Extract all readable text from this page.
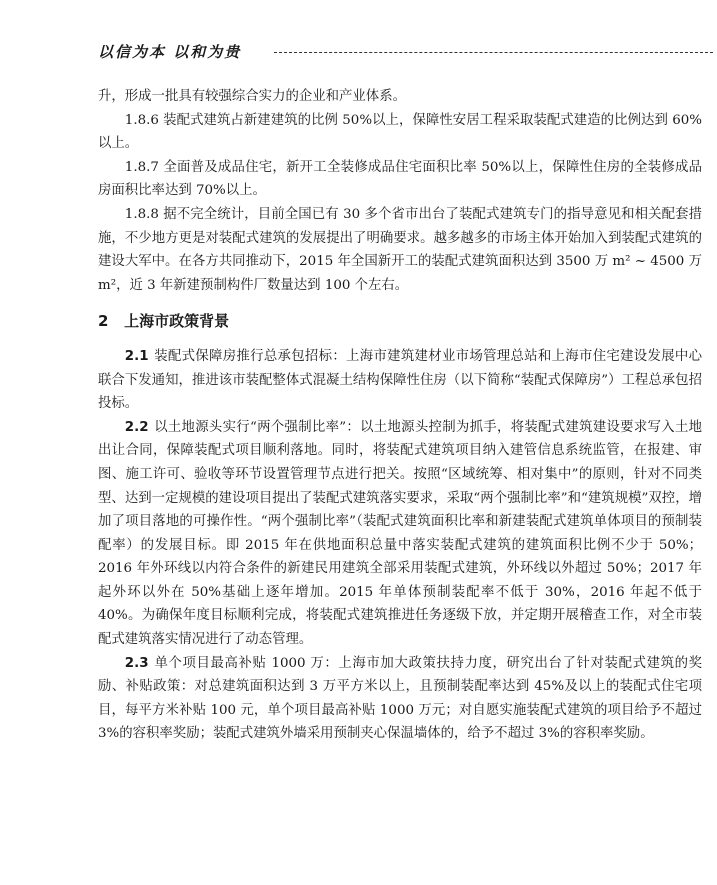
以信为本 以和为贵

升，形成一批具有较强综合实力的企业和产业体系。

1.8.6 装配式建筑占新建建筑的比例 50%以上，保障性安居工程采取装配式建造的比例达到 60%以上。

1.8.7 全面普及成品住宅，新开工全装修成品住宅面积比率 50%以上，保障性住房的全装修成品房面积比率达到 70%以上。

1.8.8 据不完全统计，目前全国已有 30 多个省市出台了装配式建筑专门的指导意见和相关配套措施，不少地方更是对装配式建筑的发展提出了明确要求。越多越多的市场主体开始加入到装配式建筑的建设大军中。在各方共同推动下，2015 年全国新开工的装配式建筑面积达到 3500 万 m² ~ 4500 万 m²，近 3 年新建预制构件厂数量达到 100 个左右。

2 上海市政策背景

2.1 装配式保障房推行总承包招标：上海市建筑建材业市场管理总站和上海市住宅建设发展中心联合下发通知，推进该市装配整体式混凝土结构保障性住房（以下简称“装配式保障房”）工程总承包招投标。

2.2 以土地源头实行“两个强制比率”：以土地源头控制为抓手，将装配式建筑建设要求写入土地出让合同，保障装配式项目顺利落地。同时，将装配式建筑项目纳入建管信息系统监管，在报建、审图、施工许可、验收等环节设置管理节点进行把关。按照“区域统筹、相对集中”的原则，针对不同类型、达到一定规模的建设项目提出了装配式建筑落实要求，采取“两个强制比率”和“建筑规模”双控，增加了项目落地的可操作性。“两个强制比率”（装配式建筑面积比率和新建装配式建筑单体项目的预制装配率）的发展目标。即 2015 年在供地面积总量中落实装配式建筑的建筑面积比例不少于 50%；2016 年外环线以内符合条件的新建民用建筑全部采用装配式建筑，外环线以外超过 50%；2017 年起外环以外在 50%基础上逐年增加。2015 年单体预制装配率不低于 30%，2016 年起不低于 40%。为确保年度目标顺利完成，将装配式建筑推进任务逐级下放，并定期开展稽查工作，对全市装配式建筑落实情况进行了动态管理。

2.3 单个项目最高补贴 1000 万：上海市加大政策扶持力度，研究出台了针对装配式建筑的奖励、补贴政策：对总建筑面积达到 3 万平方米以上，且预制装配率达到 45%及以上的装配式住宅项目，每平方米补贴 100 元，单个项目最高补贴 1000 万元；对自愿实施装配式建筑的项目给予不超过 3%的容积率奖励；装配式建筑外墙采用预制夹心保温墙体的，给予不超过 3%的容积率奖励。
